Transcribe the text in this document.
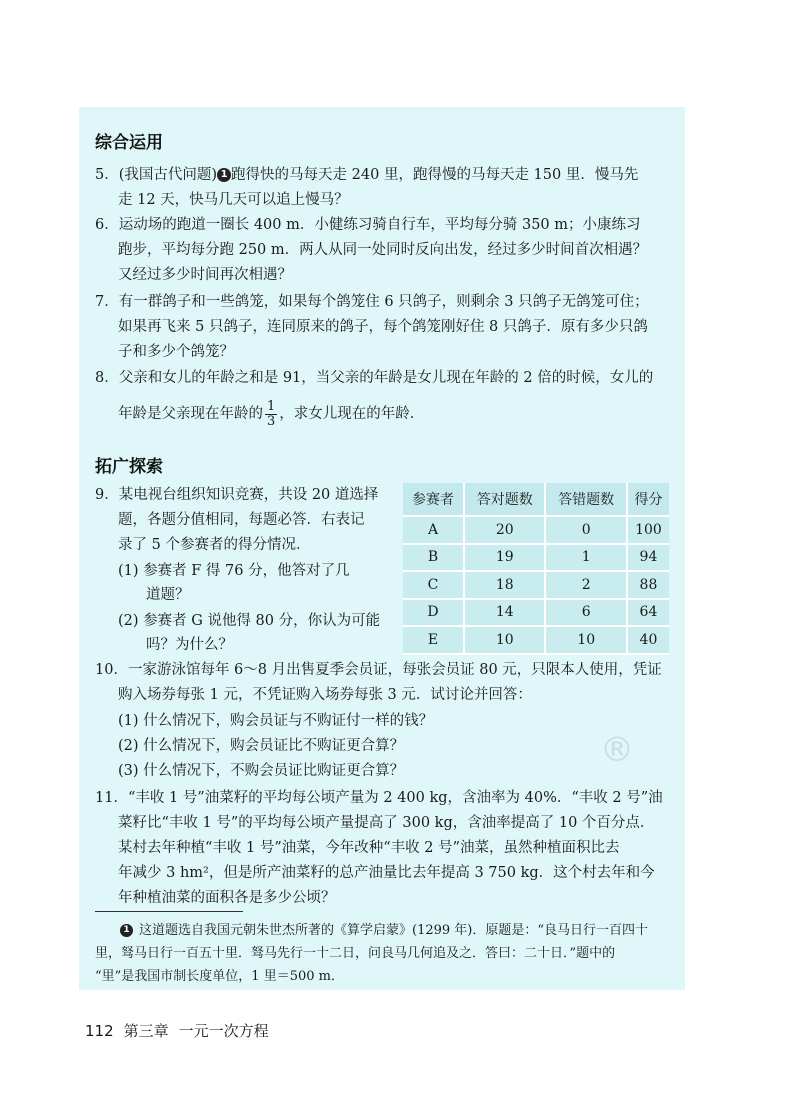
综合运用
5．(我国古代问题) 1 跑得快的马每天走 240 里，跑得慢的马每天走 150 里．慢马先
走 12 天，快马几天可以追上慢马？
6．运动场的跑道一圈长 400 m．小健练习骑自行车，平均每分骑 350 m；小康练习
跑步，平均每分跑 250 m．两人从同一处同时反向出发，经过多少时间首次相遇？
又经过多少时间再次相遇？
7．有一群鸽子和一些鸽笼，如果每个鸽笼住 6 只鸽子，则剩余 3 只鸽子无鸽笼可住；
如果再飞来 5 只鸽子，连同原来的鸽子，每个鸽笼刚好住 8 只鸽子．原有多少只鸽
子和多少个鸽笼？
8．父亲和女儿的年龄之和是 91，当父亲的年龄是女儿现在年龄的 2 倍的时候，女儿的
年龄是父亲现在年龄的 $\frac{1}{3}$ ，求女儿现在的年龄．
拓广探索
9．某电视台组织知识竞赛，共设 20 道选择
题，各题分值相同，每题必答．右表记
录了 5 个参赛者的得分情况．
(1) 参赛者 F 得 76 分，他答对了几
道题？
(2) 参赛者 G 说他得 80 分，你认为可能
吗？为什么？
参赛者	答对题数	答错题数	得分
A	20	0	100
B	19	1	94
C	18	2	88
D	14	6	64
E	10	10	40
10．一家游泳馆每年 6～8 月出售夏季会员证，每张会员证 80 元，只限本人使用，凭证
购入场券每张 1 元，不凭证购入场券每张 3 元．试讨论并回答：
(1) 什么情况下，购会员证与不购证付一样的钱？
(2) 什么情况下，购会员证比不购证更合算？
(3) 什么情况下，不购会员证比购证更合算？
®
11．“丰收 1 号”油菜籽的平均每公顷产量为 2 400 kg，含油率为 40%．“丰收 2 号”油
菜籽比“丰收 1 号”的平均每公顷产量提高了 300 kg，含油率提高了 10 个百分点．
某村去年种植“丰收 1 号”油菜，今年改种“丰收 2 号”油菜，虽然种植面积比去
年减少 3 hm²，但是所产油菜籽的总产油量比去年提高 3 750 kg．这个村去年和今
年种植油菜的面积各是多少公顷？
1 这道题选自我国元朝朱世杰所著的《算学启蒙》(1299 年)．原题是：“良马日行一百四十
里，驽马日行一百五十里．驽马先行一十二日，问良马几何追及之．答曰：二十日．”题中的
“里”是我国市制长度单位，1 里＝500 m．
112 第三章 一元一次方程
